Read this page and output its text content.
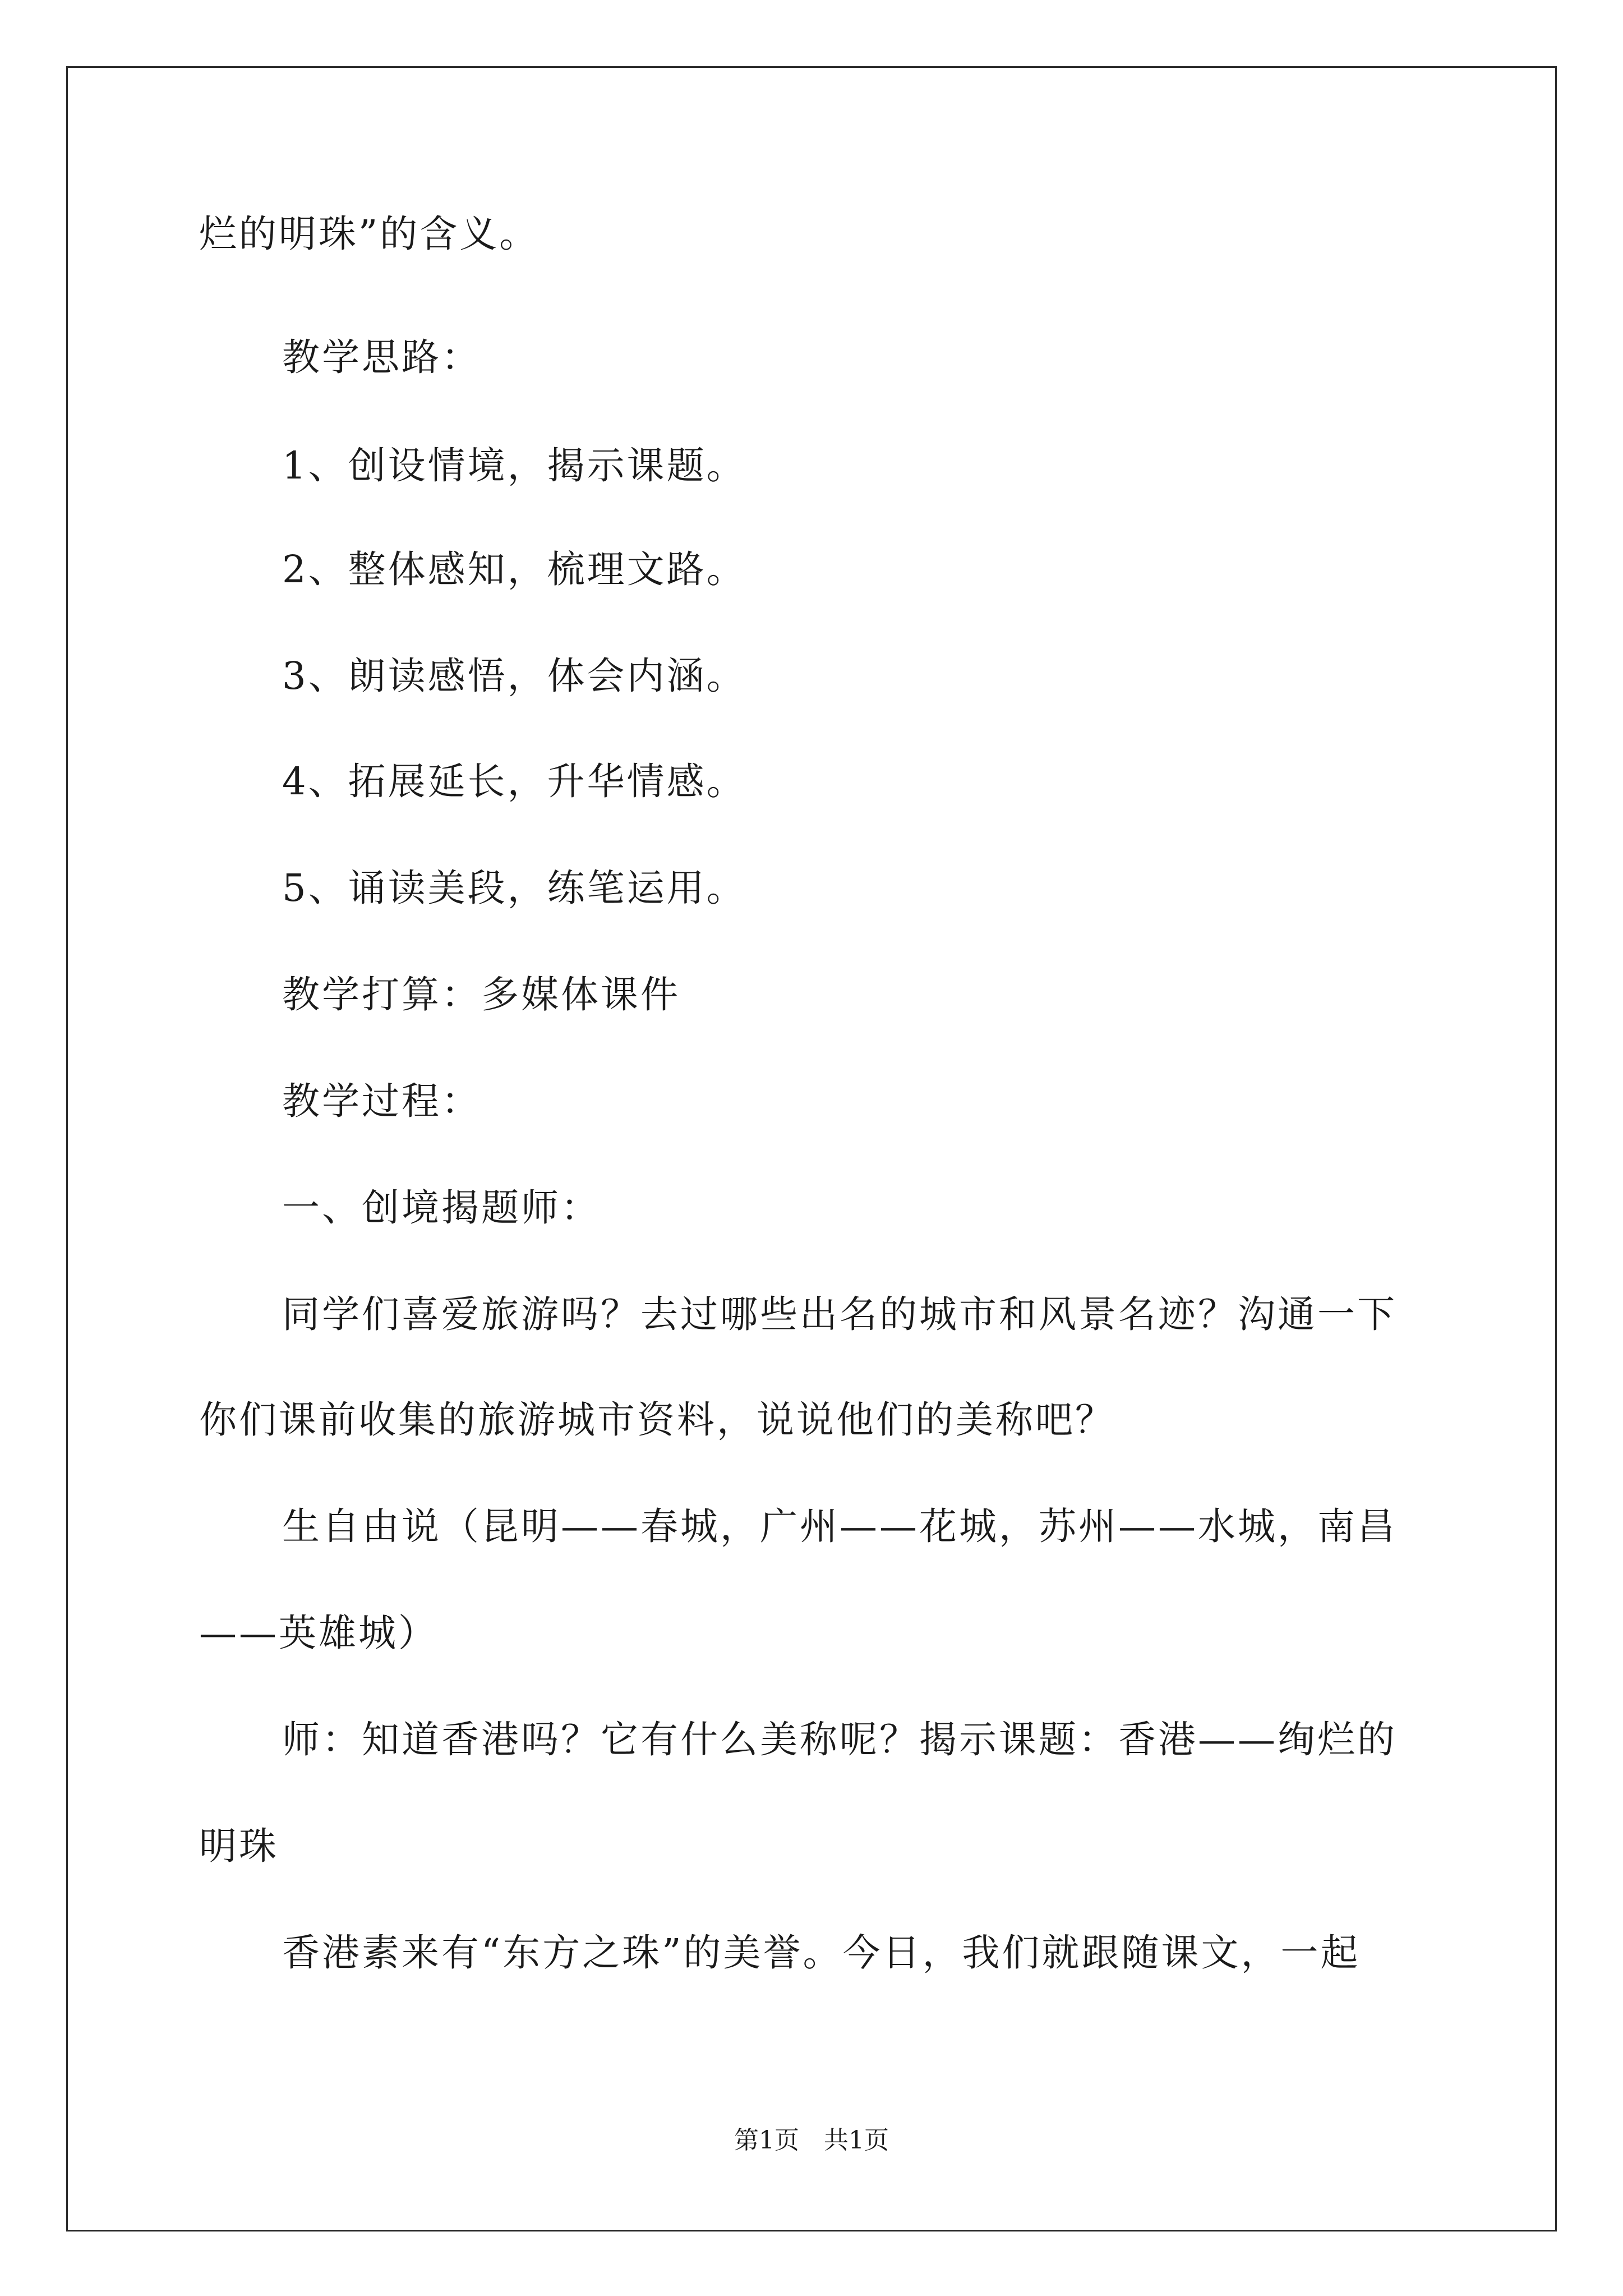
烂的明珠”的含义。
教学思路：
1、创设情境，揭示课题。
2、整体感知，梳理文路。
3、朗读感悟，体会内涵。
4、拓展延长，升华情感。
5、诵读美段，练笔运用。
教学打算：多媒体课件
教学过程：
一、创境揭题师：
同学们喜爱旅游吗？去过哪些出名的城市和风景名迹？沟通一下
你们课前收集的旅游城市资料，说说他们的美称吧？
生自由说（昆明——春城，广州——花城，苏州——水城，南昌
——英雄城）
师：知道香港吗？它有什么美称呢？揭示课题：香港——绚烂的
明珠
香港素来有“东方之珠”的美誉。今日，我们就跟随课文，一起
第1页　共1页
